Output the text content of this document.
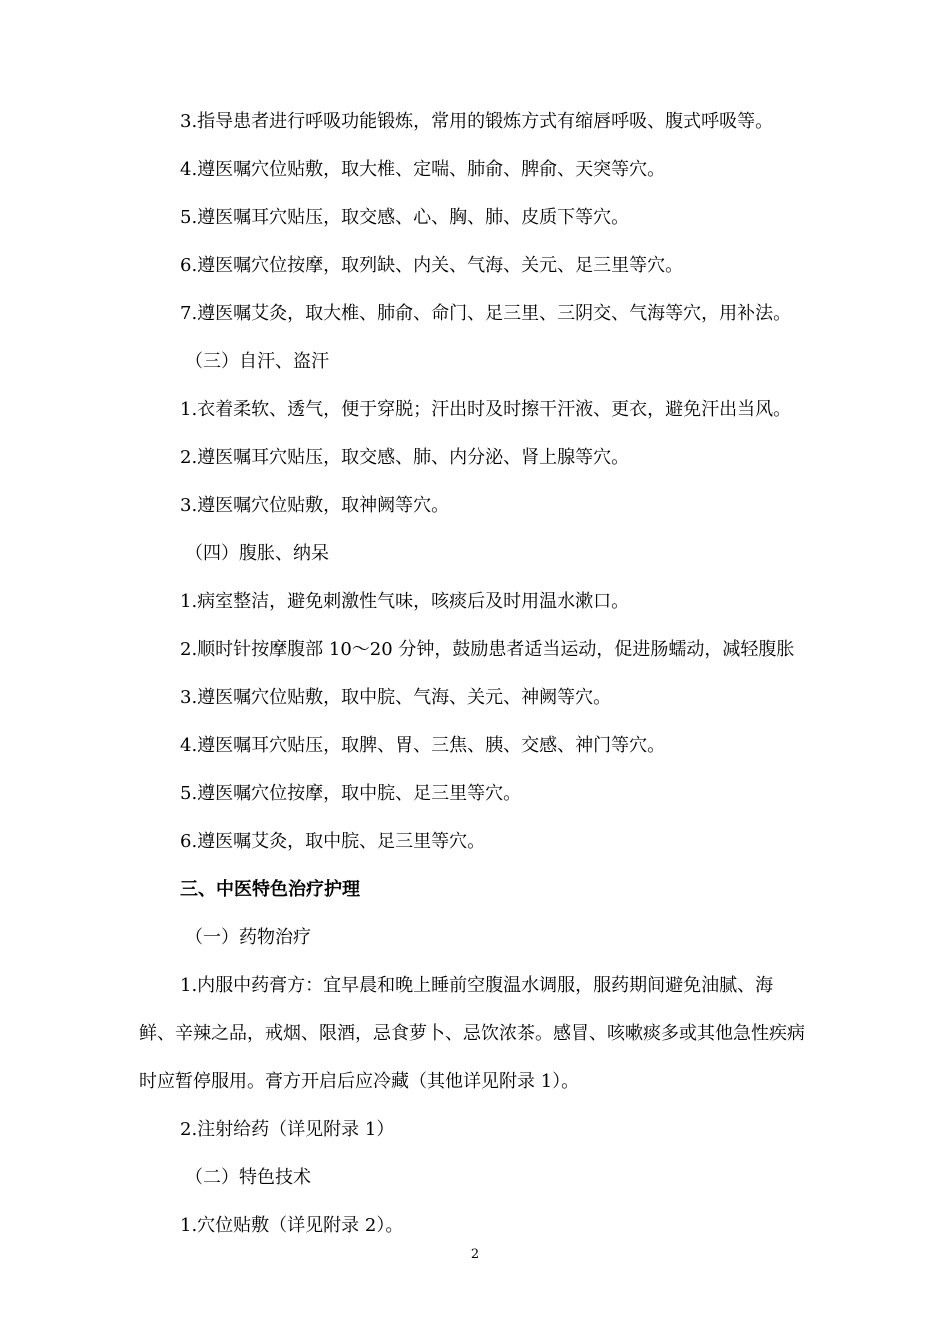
3.指导患者进行呼吸功能锻炼，常用的锻炼方式有缩唇呼吸、腹式呼吸等。
4.遵医嘱穴位贴敷，取大椎、定喘、肺俞、脾俞、天突等穴。
5.遵医嘱耳穴贴压，取交感、心、胸、肺、皮质下等穴。
6.遵医嘱穴位按摩，取列缺、内关、气海、关元、足三里等穴。
7.遵医嘱艾灸，取大椎、肺俞、命门、足三里、三阴交、气海等穴，用补法。
（三）自汗、盗汗
1.衣着柔软、透气，便于穿脱；汗出时及时擦干汗液、更衣，避免汗出当风。
2.遵医嘱耳穴贴压，取交感、肺、内分泌、肾上腺等穴。
3.遵医嘱穴位贴敷，取神阙等穴。
（四）腹胀、纳呆
1.病室整洁，避免刺激性气味，咳痰后及时用温水漱口。
2.顺时针按摩腹部 10～20 分钟，鼓励患者适当运动，促进肠蠕动，减轻腹胀
3.遵医嘱穴位贴敷，取中脘、气海、关元、神阙等穴。
4.遵医嘱耳穴贴压，取脾、胃、三焦、胰、交感、神门等穴。
5.遵医嘱穴位按摩，取中脘、足三里等穴。
6.遵医嘱艾灸，取中脘、足三里等穴。
三、中医特色治疗护理
（一）药物治疗
1.内服中药膏方：宜早晨和晚上睡前空腹温水调服，服药期间避免油腻、海
鲜、辛辣之品，戒烟、限酒，忌食萝卜、忌饮浓茶。感冒、咳嗽痰多或其他急性疾病
时应暂停服用。膏方开启后应冷藏（其他详见附录 1）。
2.注射给药（详见附录 1）
（二）特色技术
1.穴位贴敷（详见附录 2）。
2
